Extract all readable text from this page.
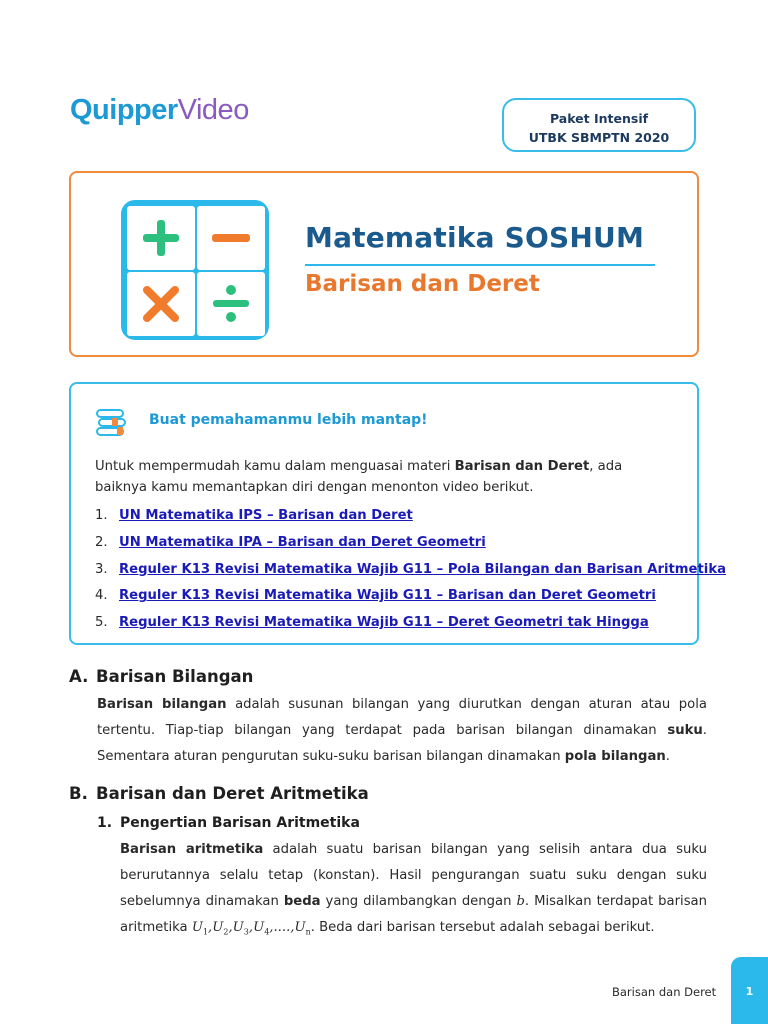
QuipperVideo	Paket Intensif
UTBK SBMPTN 2020
Matematika SOSHUM
Barisan dan Deret
Buat pemahamanmu lebih mantap!
Untuk mempermudah kamu dalam menguasai materi Barisan dan Deret, ada baiknya kamu memantapkan diri dengan menonton video berikut.
1. UN Matematika IPS – Barisan dan Deret
2. UN Matematika IPA – Barisan dan Deret Geometri
3. Reguler K13 Revisi Matematika Wajib G11 – Pola Bilangan dan Barisan Aritmetika
4. Reguler K13 Revisi Matematika Wajib G11 – Barisan dan Deret Geometri
5. Reguler K13 Revisi Matematika Wajib G11 – Deret Geometri tak Hingga
A. Barisan Bilangan
Barisan bilangan adalah susunan bilangan yang diurutkan dengan aturan atau pola tertentu. Tiap-tiap bilangan yang terdapat pada barisan bilangan dinamakan suku. Sementara aturan pengurutan suku-suku barisan bilangan dinamakan pola bilangan.
B. Barisan dan Deret Aritmetika
1. Pengertian Barisan Aritmetika
Barisan aritmetika adalah suatu barisan bilangan yang selisih antara dua suku berurutannya selalu tetap (konstan). Hasil pengurangan suatu suku dengan suku sebelumnya dinamakan beda yang dilambangkan dengan b. Misalkan terdapat barisan aritmetika $U_1,U_2,U_3,U_4,....,U_n$. Beda dari barisan tersebut adalah sebagai berikut.
Barisan dan Deret	1
